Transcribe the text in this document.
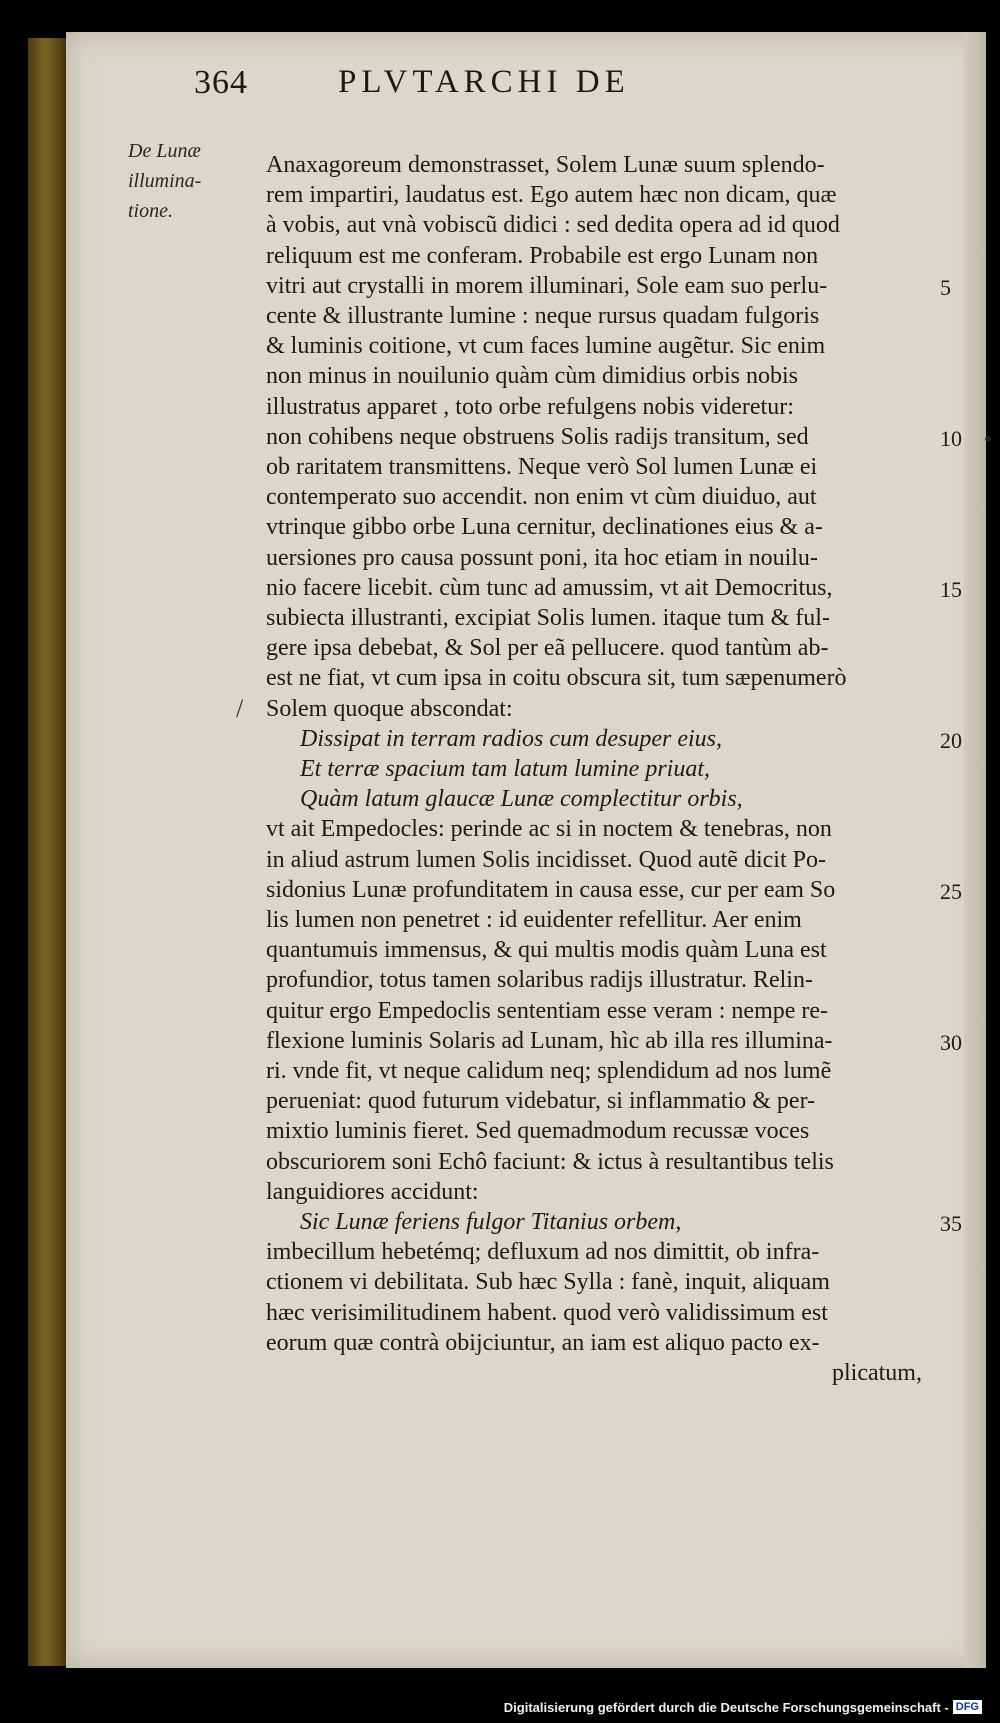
364	PLVTARCHI DE
De Lunæ
illumina-
tione.
Anaxagoreum demonstrasset, Solem Lunæ suum splendo-
rem impartiri, laudatus est. Ego autem hæc non dicam, quæ
à vobis, aut vnà vobiscũ didici : sed dedita opera ad id quod
reliquum est me conferam. Probabile est ergo Lunam non
vitri aut crystalli in morem illuminari, Sole eam suo perlu-	5
cente & illustrante lumine : neque rursus quadam fulgoris
& luminis coitione, vt cum faces lumine augẽtur. Sic enim
non minus in nouilunio quàm cùm dimidius orbis nobis
illustratus apparet , toto orbe refulgens nobis videretur:
non cohibens neque obstruens Solis radijs transitum, sed	10
ob raritatem transmittens. Neque verò Sol lumen Lunæ ei
contemperato suo accendit. non enim vt cùm diuiduo, aut
vtrinque gibbo orbe Luna cernitur, declinationes eius & a-
uersiones pro causa possunt poni, ita hoc etiam in nouilu-
nio facere licebit. cùm tunc ad amussim, vt ait Democritus,	15
subiecta illustranti, excipiat Solis lumen. itaque tum & ful-
gere ipsa debebat, & Sol per eã pellucere. quod tantùm ab-
est ne fiat, vt cum ipsa in coitu obscura sit, tum sæpenumerò
Solem quoque abscondat:
Dissipat in terram radios cum desuper eius,	20
Et terræ spacium tam latum lumine priuat,
Quàm latum glaucæ Lunæ complectitur orbis,
vt ait Empedocles: perinde ac si in noctem & tenebras, non
in aliud astrum lumen Solis incidisset. Quod autẽ dicit Po-
sidonius Lunæ profunditatem in causa esse, cur per eam So	25
lis lumen non penetret : id euidenter refellitur. Aer enim
quantumuis immensus, & qui multis modis quàm Luna est
profundior, totus tamen solaribus radijs illustratur. Relin-
quitur ergo Empedoclis sententiam esse veram : nempe re-
flexione luminis Solaris ad Lunam, hìc ab illa res illumina-	30
ri. vnde fit, vt neque calidum neq; splendidum ad nos lumẽ
perueniat: quod futurum videbatur, si inflammatio & per-
mixtio luminis fieret. Sed quemadmodum recussæ voces
obscuriorem soni Echô faciunt: & ictus à resultantibus telis
languidiores accidunt:
Sic Lunæ feriens fulgor Titanius orbem,	35
imbecillum hebetémq; defluxum ad nos dimittit, ob infra-
ctionem vi debilitata. Sub hæc Sylla : fanè, inquit, aliquam
hæc verisimilitudinem habent. quod verò validissimum est
eorum quæ contrà obijciuntur, an iam est aliquo pacto ex-
plicatum,
/
●
Digitalisierung gefördert durch die Deutsche Forschungsgemeinschaft - DFG
